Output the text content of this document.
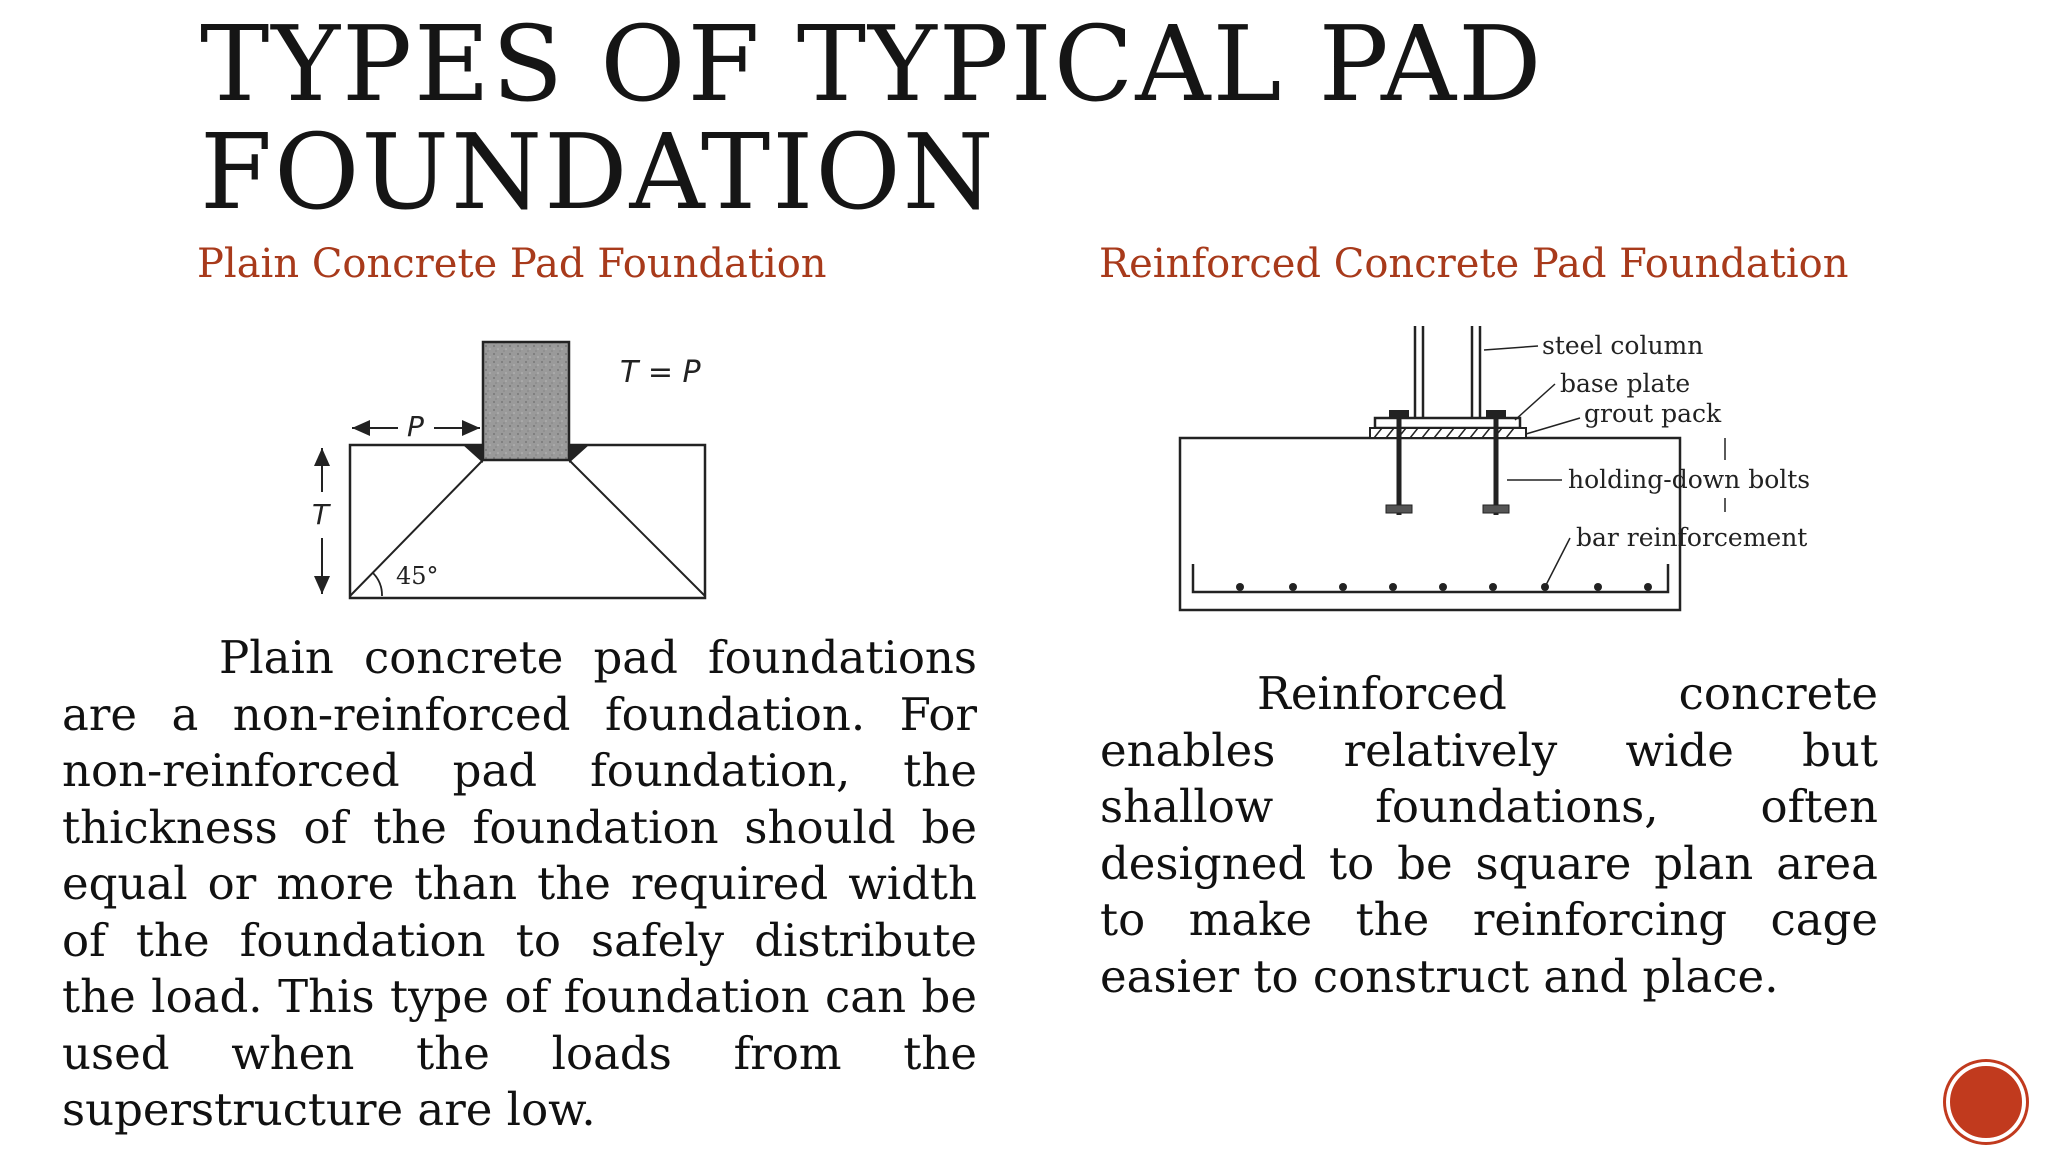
TYPES OF TYPICAL PAD
FOUNDATION
Plain Concrete Pad Foundation	Reinforced Concrete Pad Foundation
45°
P
T
T = P
steel column
base plate
grout pack
holding-down bolts
bar reinforcement

Plain concrete pad foundations are a non-reinforced foundation. For non-reinforced pad foundation, the thickness of the foundation should be equal or more than the required width of the foundation to safely distribute the load. This type of foundation can be used when the loads from the superstructure are low.

Reinforced concrete enables relatively wide but shallow foundations, often designed to be square plan area to make the reinforcing cage easier to construct and place.
